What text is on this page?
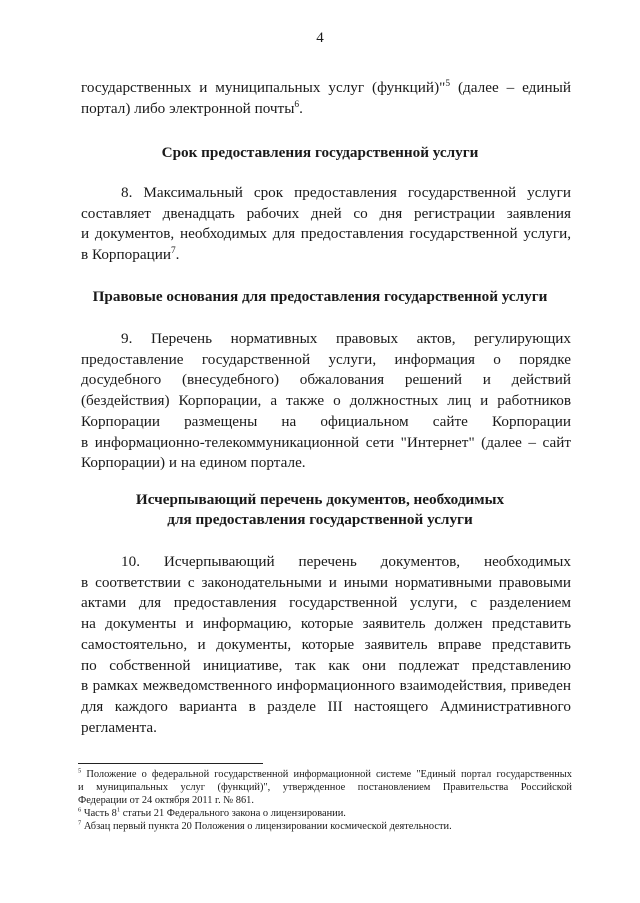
4

государственных и муниципальных услуг (функций)"$^5$ (далее – единый

портал) либо электронной почты$^6$.

Срок предоставления государственной услуги
8. Максимальный срок предоставления государственной услуги
составляет двенадцать рабочих дней со дня регистрации заявления
и документов, необходимых для предоставления государственной услуги,
в Корпорации$^7$.
Правовые основания для предоставления государственной услуги
9. Перечень нормативных правовых актов, регулирующих
предоставление государственной услуги, информация о порядке
досудебного (внесудебного) обжалования решений и действий
(бездействия) Корпорации, а также о должностных лиц и работников
Корпорации размещены на официальном сайте Корпорации
в информационно-телекоммуникационной сети "Интернет" (далее – сайт
Корпорации) и на едином портале.
Исчерпывающий перечень документов, необходимых
для предоставления государственной услуги
10. Исчерпывающий перечень документов, необходимых
в соответствии с законодательными и иными нормативными правовыми
актами для предоставления государственной услуги, с разделением
на документы и информацию, которые заявитель должен представить
самостоятельно, и документы, которые заявитель вправе представить
по собственной инициативе, так как они подлежат представлению
в рамках межведомственного информационного взаимодействия, приведен
для каждого варианта в разделе III настоящего Административного
регламента.
$^5$ Положение о федеральной государственной информационной системе "Единый портал государственных
и муниципальных услуг (функций)", утвержденное постановлением Правительства Российской
Федерации от 24 октября 2011 г. № 861.
$^6$ Часть $8^1$ статьи 21 Федерального закона о лицензировании.
$^7$ Абзац первый пункта 20 Положения о лицензировании космической деятельности.
